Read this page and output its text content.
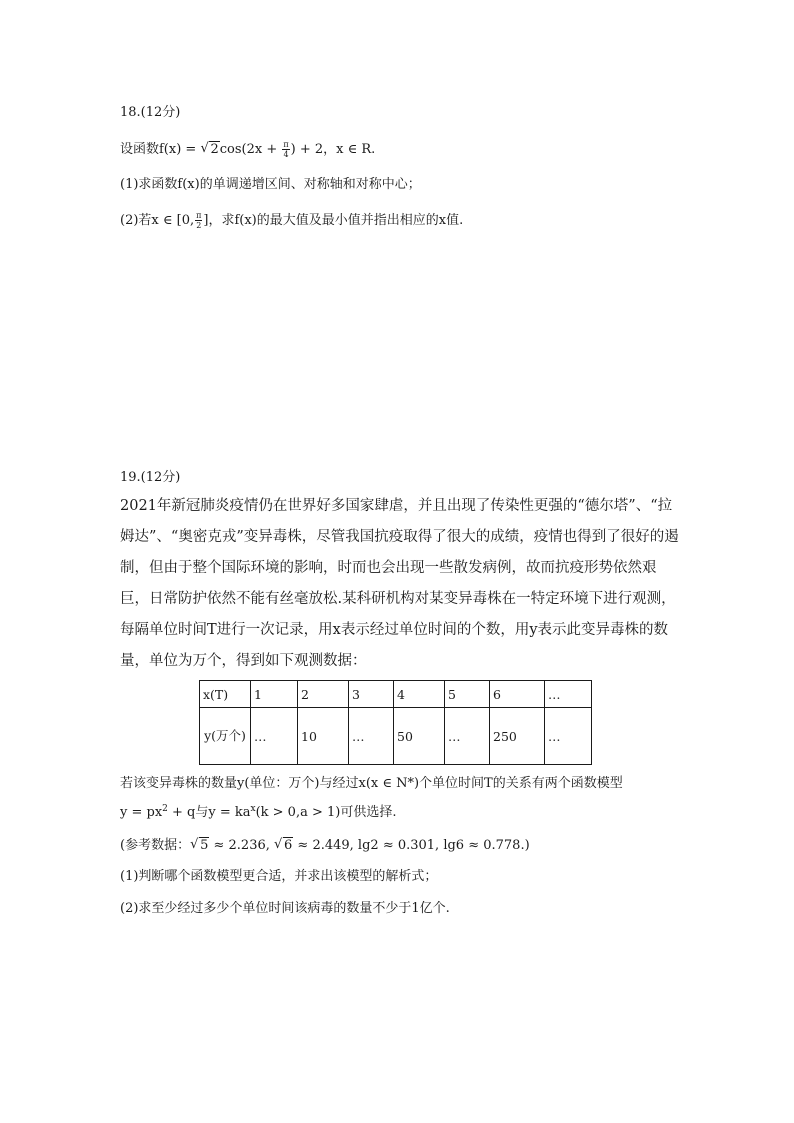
18.(12分)
设函数f(x) = √ $2\cos(2x + \frac{\pi}{4}$ ) + 2，x ∈ R.
(1)求函数f(x)的单调递增区间、对称轴和对称中心；
(2)若x ∈ [0, $\frac{\pi}{2}$ ]，求f(x)的最大值及最小值并指出相应的x值.
19.(12分)
2021年新冠肺炎疫情仍在世界好多国家肆虐，并且出现了传染性更强的“德尔塔”、“拉姆达”、“奥密克戎”变异毒株，尽管我国抗疫取得了很大的成绩，疫情也得到了很好的遏制，但由于整个国际环境的影响，时而也会出现一些散发病例，故而抗疫形势依然艰巨，日常防护依然不能有丝毫放松.某科研机构对某变异毒株在一特定环境下进行观测，每隔单位时间T进行一次记录，用x表示经过单位时间的个数，用y表示此变异毒株的数量，单位为万个，得到如下观测数据：
x(T)	1	2	3	4	5	6	…
y(万个)	…	10	…	50	…	250	…
若该变异毒株的数量y(单位：万个)与经过x(x ∈ N*)个单位时间T的关系有两个函数模型
$y = px^2 + q$与$y = ka^x(k > 0,a > 1)$可供选择.
(参考数据： √ 5 ≈ 2.236, √ 6 ≈ 2.449, lg2 ≈ 0.301, lg6 ≈ 0.778.)
(1)判断哪个函数模型更合适，并求出该模型的解析式；
(2)求至少经过多少个单位时间该病毒的数量不少于1亿个.
